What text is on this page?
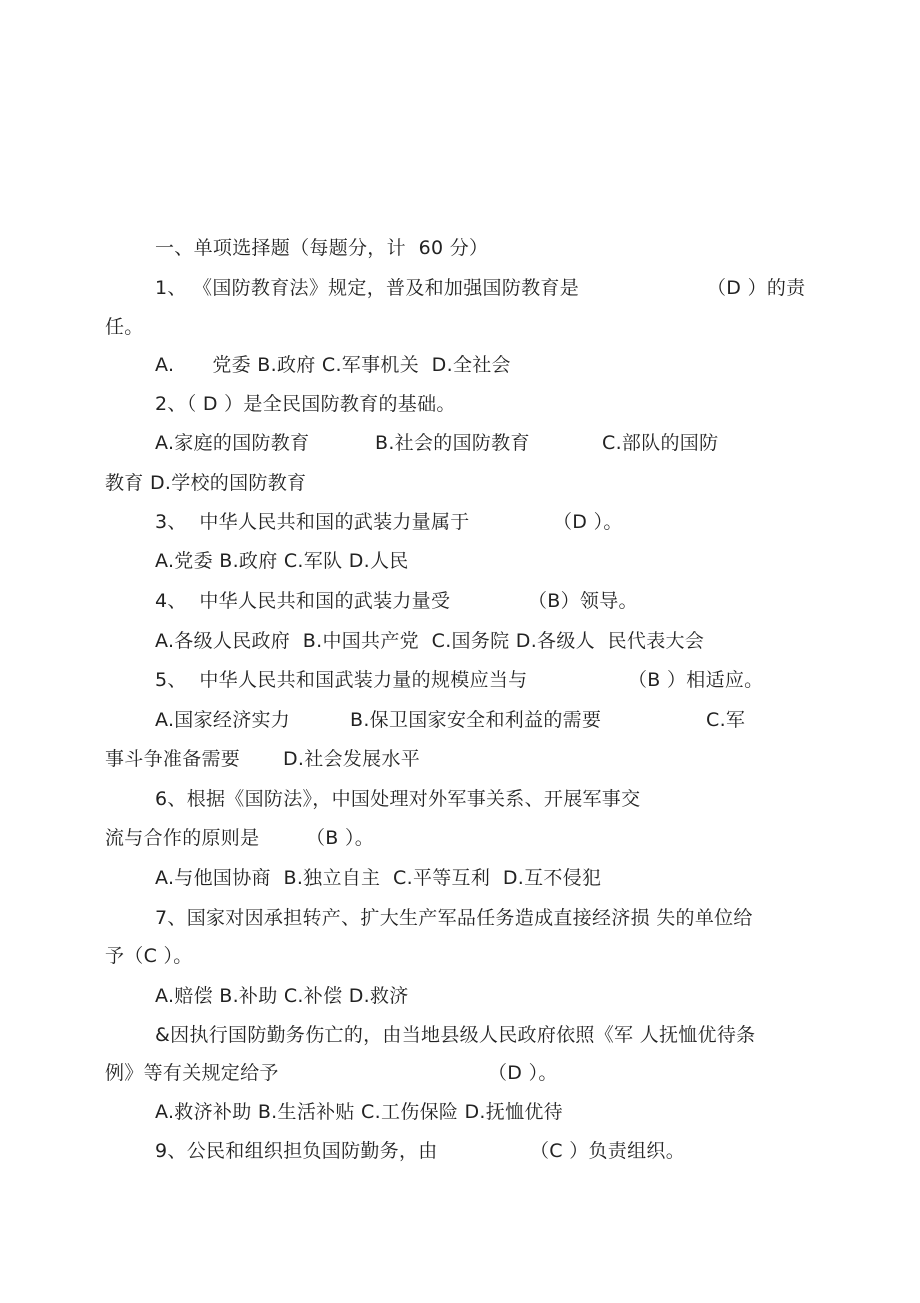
一、单项选择题（每题分，计  60 分）
1、 《国防教育法》规定，普及和加强国防教育是	（D ）的责
任。
A.      党委 B.政府 C.军事机关  D.全社会
2、（ D ）是全民国防教育的基础。
A.家庭的国防教育	B.社会的国防教育	C.部队的国防
教育 D.学校的国防教育
3、  中华人民共和国的武装力量属于	（D ）。
A.党委 B.政府 C.军队 D.人民
4、  中华人民共和国的武装力量受	（B）领导。
A.各级人民政府  B.中国共产党  C.国务院 D.各级人  民代表大会
5、  中华人民共和国武装力量的规模应当与	（B ）相适应。
A.国家经济实力	B.保卫国家安全和利益的需要	C.军
事斗争准备需要 D.社会发展水平
6、根据《国防法》，中国处理对外军事关系、开展军事交
流与合作的原则是 （B ）。
A.与他国协商  B.独立自主  C.平等互利  D.互不侵犯
7、国家对因承担转产、扩大生产军品任务造成直接经济损 失的单位给
予（C ）。
A.赔偿 B.补助 C.补偿 D.救济
&因执行国防勤务伤亡的，由当地县级人民政府依照《军 人抚恤优待条
例》等有关规定给予	（D ）。
A.救济补助 B.生活补贴 C.工伤保险 D.抚恤优待
9、公民和组织担负国防勤务，由	（C ）负责组织。
